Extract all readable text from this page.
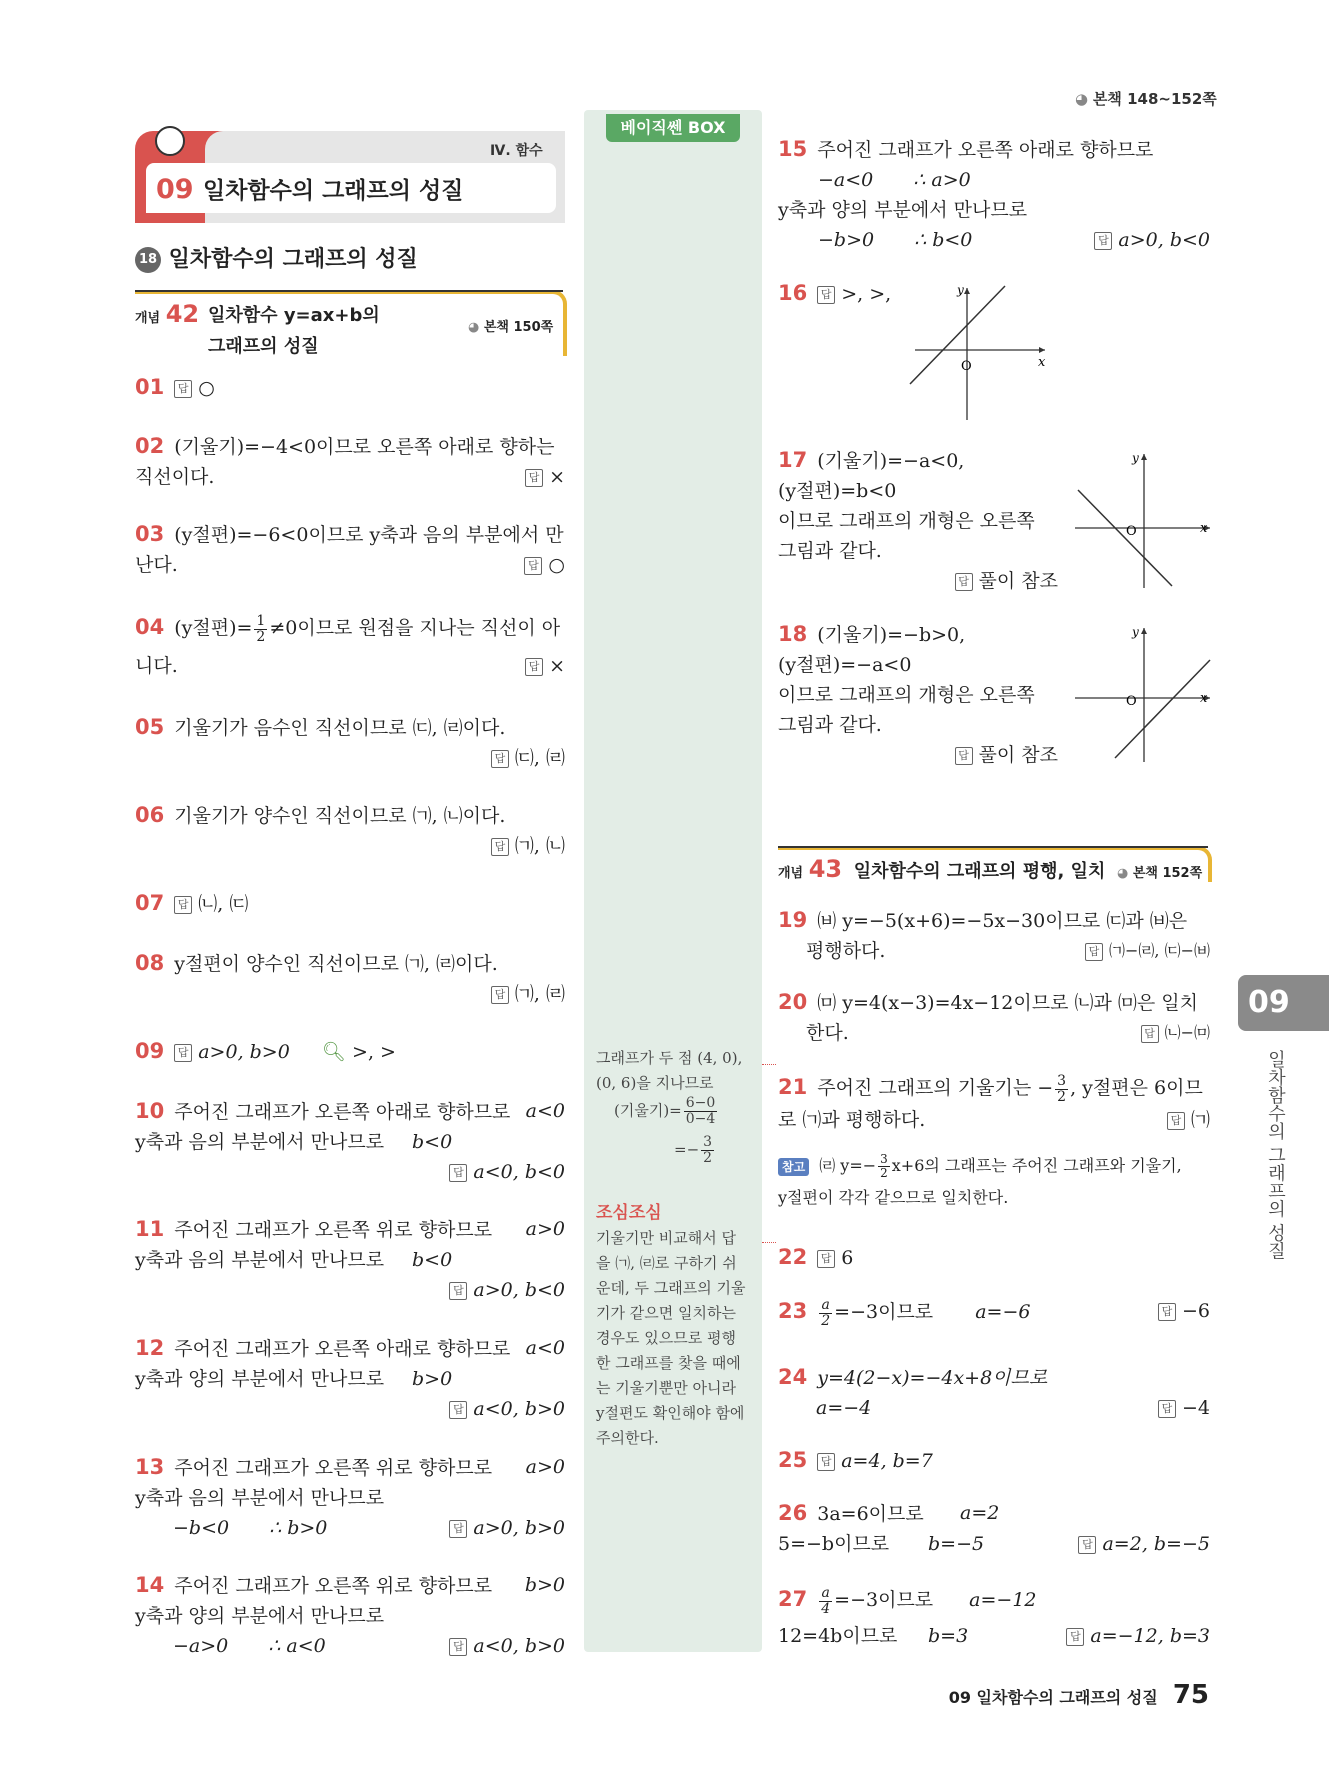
◕ 본책 148~152쪽
Ⅳ. 함수
09 일차함수의 그래프의 성질
18 일차함수의 그래프의 성질
개념 42 일차함수 y=ax+b의
그래프의 성질
◕ 본책 150쪽
01 답 ○
02 (기울기)=−4<0이므로 오른쪽 아래로 향하는
직선이다.	답 ×
03 (y절편)=−6<0이므로 y축과 음의 부분에서 만
난다.	답 ○
04 (y절편)= $\frac{1}{2} \ne 0$이므로 원점을 지나는 직선이 아
니다.	답 ×
05 기울기가 음수인 직선이므로 ㈂, ㈃이다.
답 ㈂, ㈃
06 기울기가 양수인 직선이므로 ㈀, ㈁이다.
답 ㈀, ㈁
07 답 ㈁, ㈂
08 y절편이 양수인 직선이므로 ㈀, ㈃이다.
답 ㈀, ㈃
09 답 a>0, b>0 🔍︎ >, >
10 주어진 그래프가 오른쪽 아래로 향하므로 a<0
y축과 음의 부분에서 만나므로 b<0
답 a<0, b<0
11 주어진 그래프가 오른쪽 위로 향하므로 a>0
y축과 음의 부분에서 만나므로 b<0
답 a>0, b<0
12 주어진 그래프가 오른쪽 아래로 향하므로 a<0
y축과 양의 부분에서 만나므로 b>0
답 a<0, b>0
13 주어진 그래프가 오른쪽 위로 향하므로 a>0
y축과 음의 부분에서 만나므로
−b<0 ∴ b>0	답 a>0, b>0
14 주어진 그래프가 오른쪽 위로 향하므로 b>0
y축과 양의 부분에서 만나므로
−a>0 ∴ a<0	답 a<0, b>0
베이직쎈 BOX
그래프가 두 점 (4, 0),
(0, 6)을 지나므로
(기울기)= $\frac{6-0}{0-4}$
=− $\frac{3}{2}$
조심조심
기울기만 비교해서 답
을 ㈀, ㈃로 구하기 쉬
운데, 두 그래프의 기울
기가 같으면 일치하는
경우도 있으므로 평행
한 그래프를 찾을 때에
는 기울기뿐만 아니라
y절편도 확인해야 함에
주의한다.
15 주어진 그래프가 오른쪽 아래로 향하므로
−a<0 ∴ a>0
y축과 양의 부분에서 만나므로
−b>0 ∴ b<0	답 a>0, b<0
16 답 >, >,	y
x
O
17 (기울기)=−a<0,
(y절편)=b<0
이므로 그래프의 개형은 오른쪽
그림과 같다.
답 풀이 참조
y
x
O
18 (기울기)=−b>0,
(y절편)=−a<0
이므로 그래프의 개형은 오른쪽
그림과 같다.
답 풀이 참조
y
x
O
개념 43 일차함수의 그래프의 평행, 일치 ◕ 본책 152쪽
19 ㈅ y=−5(x+6)=−5x−30이므로 ㈂과 ㈅은
평행하다.	답 ㈀−㈃, ㈂−㈅
20 ㈄ y=4(x−3)=4x−12이므로 ㈁과 ㈄은 일치
한다.	답 ㈁−㈄
21 주어진 그래프의 기울기는 − $\frac{3}{2}$ , y절편은 6이므
로 ㈀과 평행하다.	답 ㈀
참고 ㈃ $y=- \frac{3}{2} x+6$의 그래프는 주어진 그래프와 기울기,
y절편이 각각 같으므로 일치한다.
22 답 6
$23 \frac{a}{2} =-3$이므로 a=−6	답 −6
24 y=4(2−x)=−4x+8이므로
a=−4	답 −4
25 답 a=4, b=7
26 3a=6이므로 a=2
5=−b이므로 b=−5	답 a=2, b=−5
$27 \frac{a}{4} =-3$이므로 a=−12
12=4b이므로 b=3	답 a=−12, b=3
09
일차함수의 그래프의 성질
09 일차함수의 그래프의 성질 75
